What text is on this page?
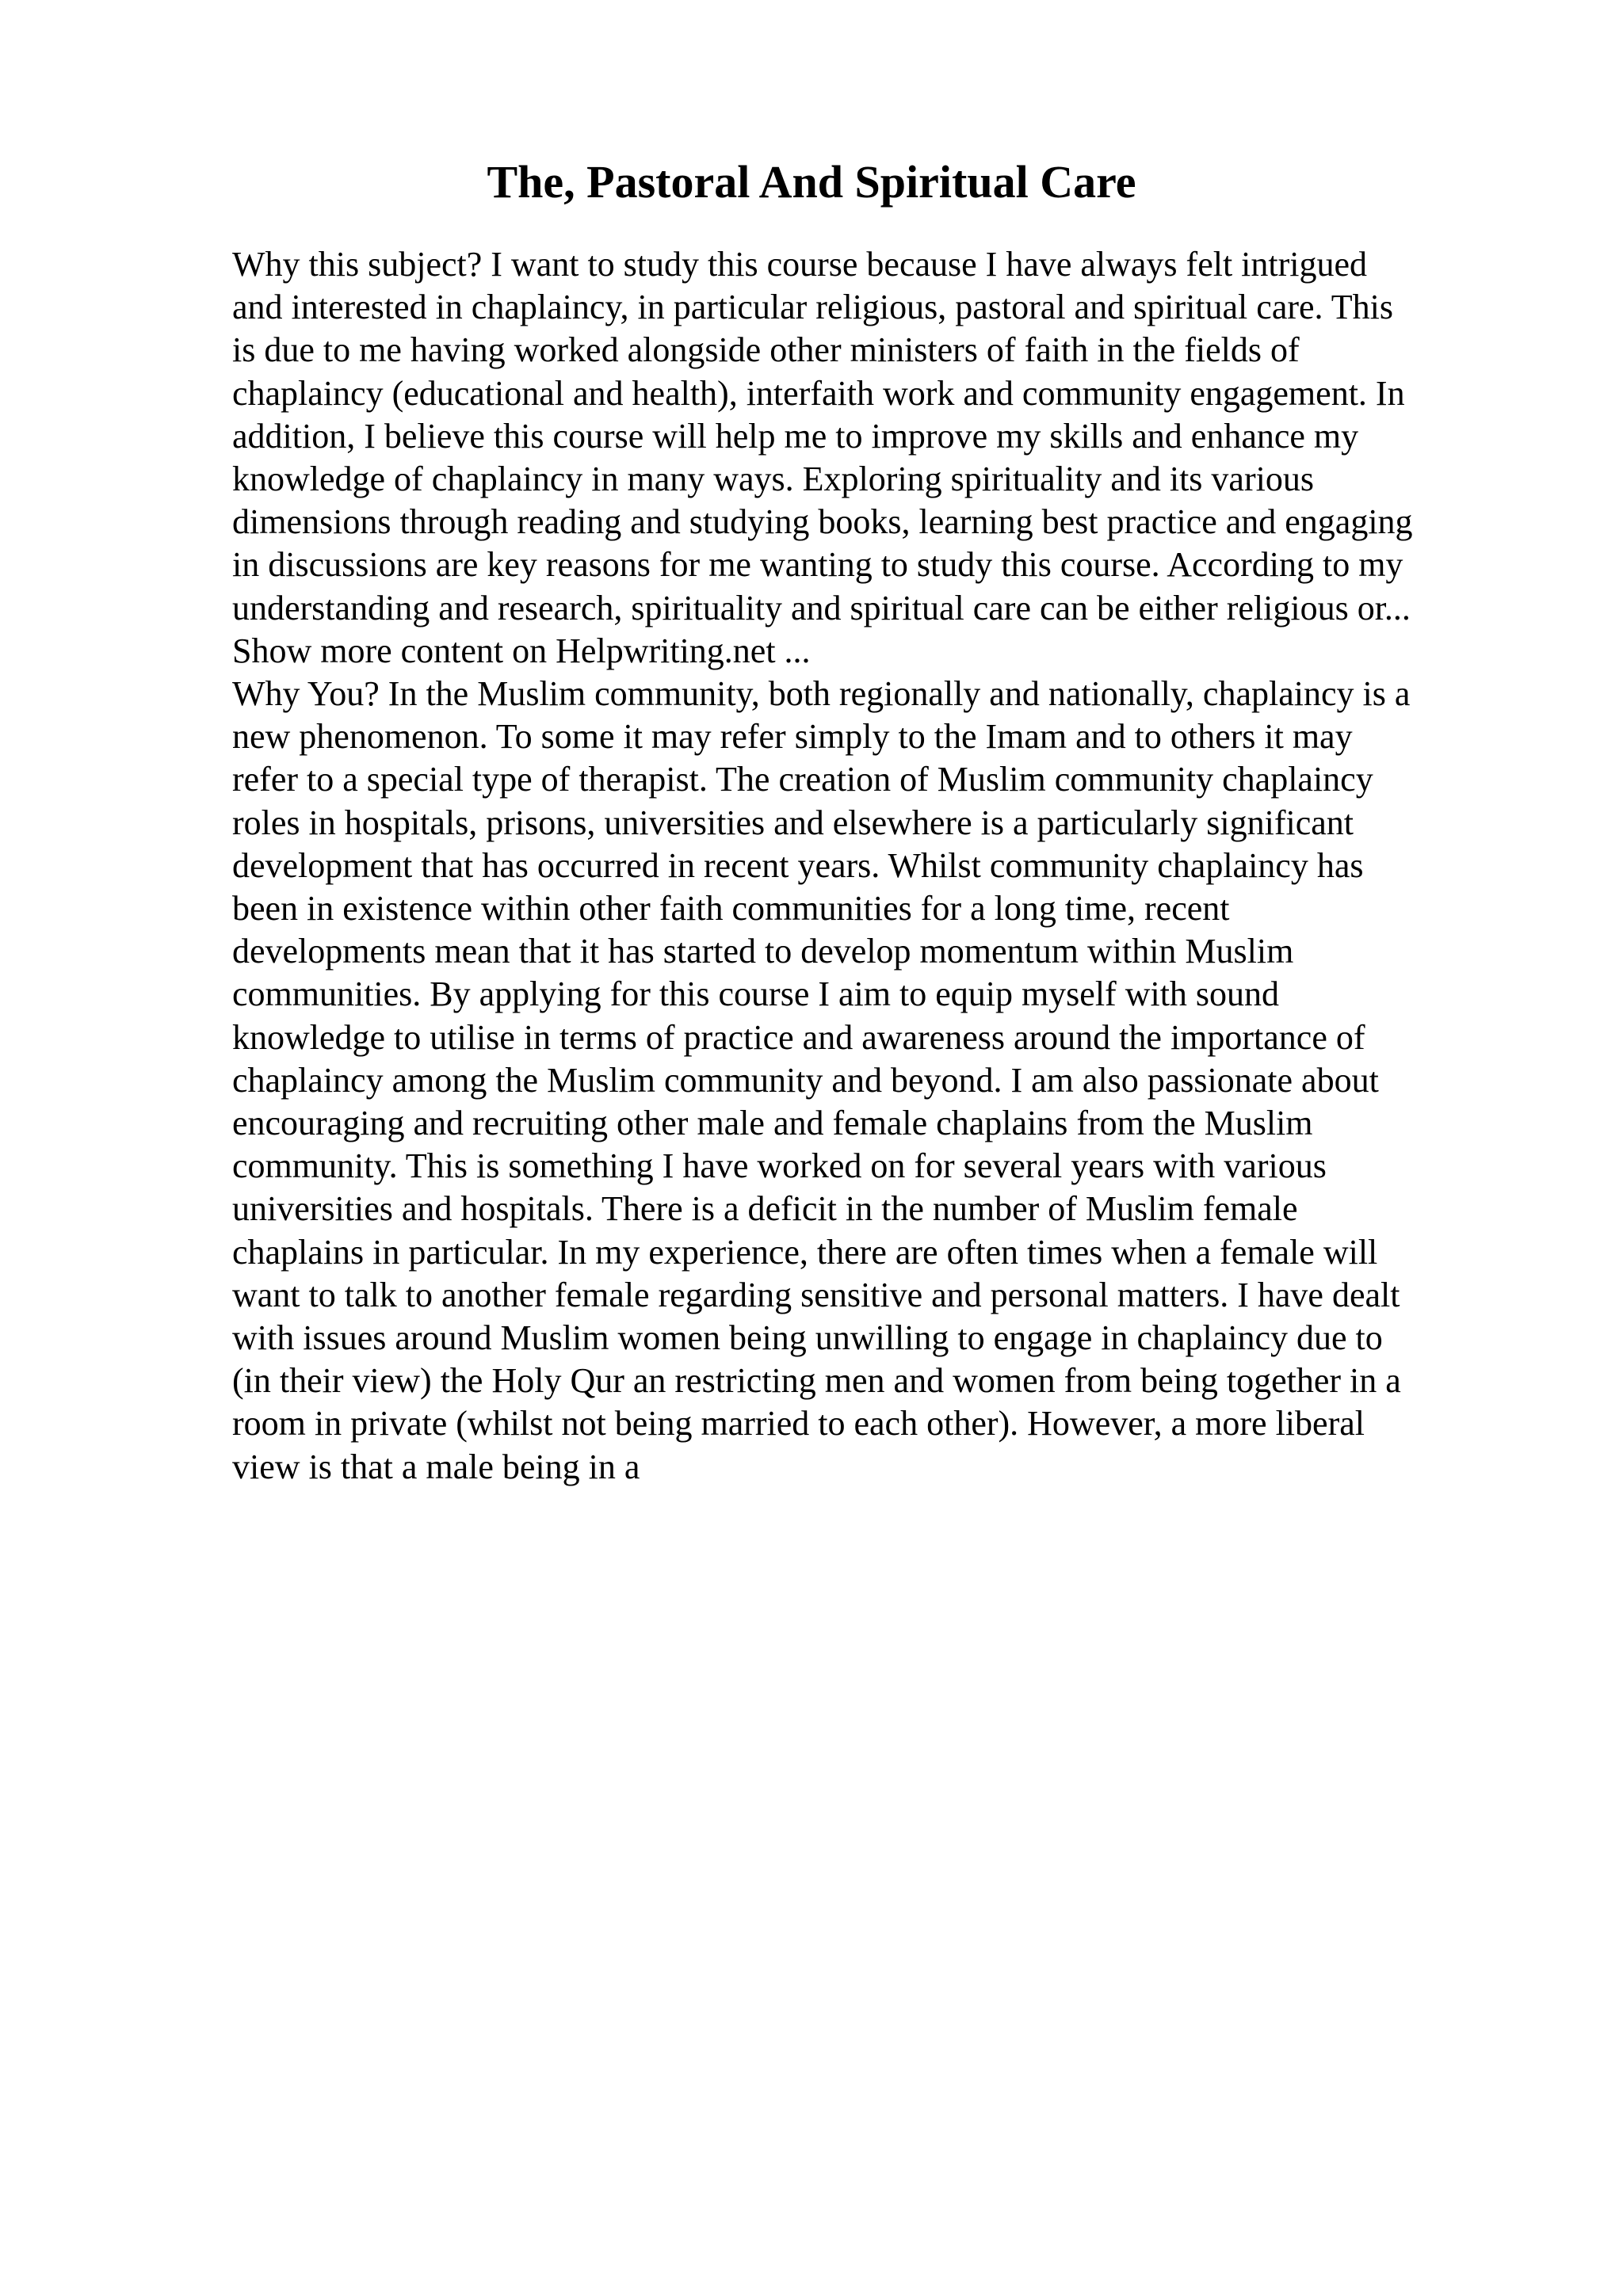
The, Pastoral And Spiritual Care
Why this subject? I want to study this course because I have always felt intrigued
and interested in chaplaincy, in particular religious, pastoral and spiritual care. This
is due to me having worked alongside other ministers of faith in the fields of
chaplaincy (educational and health), interfaith work and community engagement. In
addition, I believe this course will help me to improve my skills and enhance my
knowledge of chaplaincy in many ways. Exploring spirituality and its various
dimensions through reading and studying books, learning best practice and engaging
in discussions are key reasons for me wanting to study this course. According to my
understanding and research, spirituality and spiritual care can be either religious or...
Show more content on Helpwriting.net ...
Why You? In the Muslim community, both regionally and nationally, chaplaincy is a
new phenomenon. To some it may refer simply to the Imam and to others it may
refer to a special type of therapist. The creation of Muslim community chaplaincy
roles in hospitals, prisons, universities and elsewhere is a particularly significant
development that has occurred in recent years. Whilst community chaplaincy has
been in existence within other faith communities for a long time, recent
developments mean that it has started to develop momentum within Muslim
communities. By applying for this course I aim to equip myself with sound
knowledge to utilise in terms of practice and awareness around the importance of
chaplaincy among the Muslim community and beyond. I am also passionate about
encouraging and recruiting other male and female chaplains from the Muslim
community. This is something I have worked on for several years with various
universities and hospitals. There is a deficit in the number of Muslim female
chaplains in particular. In my experience, there are often times when a female will
want to talk to another female regarding sensitive and personal matters. I have dealt
with issues around Muslim women being unwilling to engage in chaplaincy due to
(in their view) the Holy Qur an restricting men and women from being together in a
room in private (whilst not being married to each other). However, a more liberal
view is that a male being in a
